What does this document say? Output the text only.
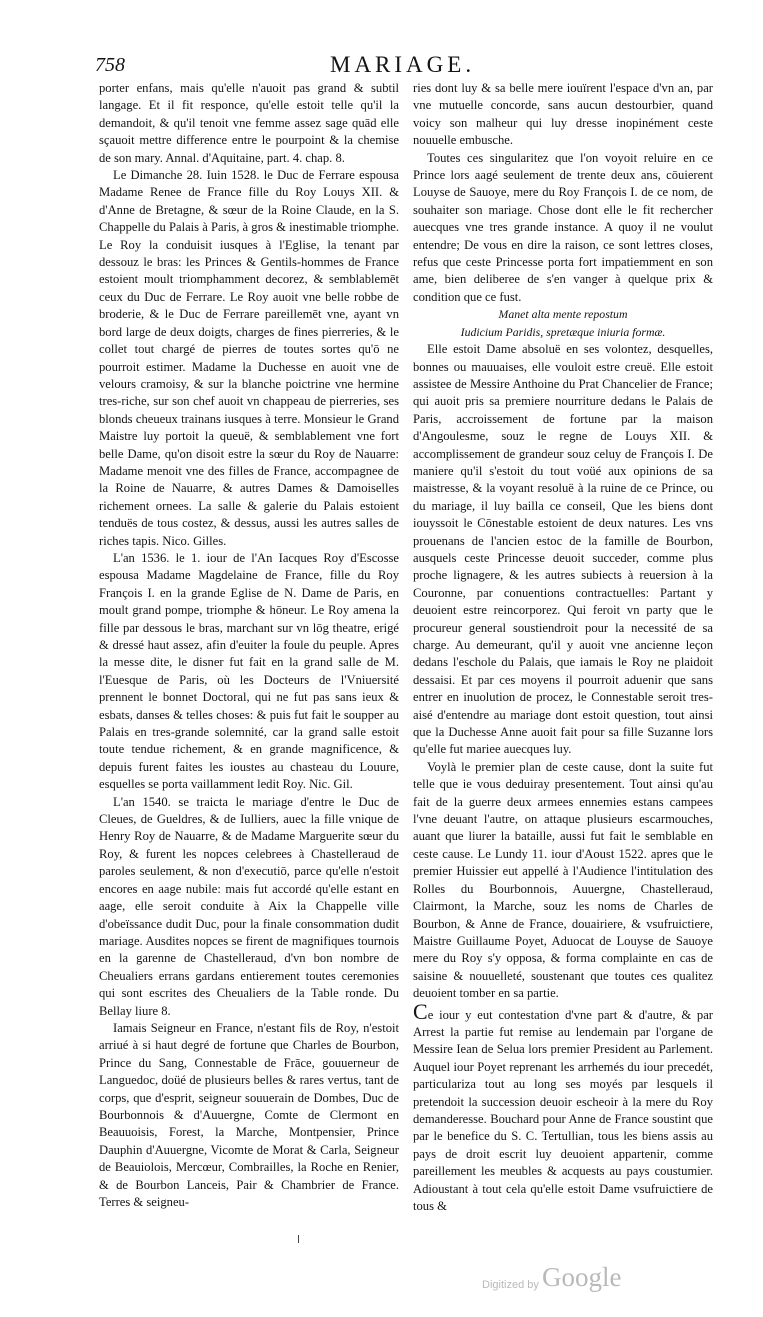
758	MARIAGE.

porter enfans, mais qu'elle n'auoit pas grand & subtil langage. Et il fit responce, qu'elle estoit telle qu'il la demandoit, & qu'il tenoit vne femme assez sage quād elle sçauoit mettre difference entre le pourpoint & la chemise de son mary. Annal. d'Aquitaine, part. 4. chap. 8.

Le Dimanche 28. Iuin 1528. le Duc de Ferrare espousa Madame Renee de France fille du Roy Louys XII. & d'Anne de Bretagne, & sœur de la Roine Claude, en la S. Chappelle du Palais à Paris, à gros & inestimable triomphe. Le Roy la conduisit iusques à l'Eglise, la tenant par dessouz le bras: les Princes & Gentils-hommes de France estoient moult triomphamment decorez, & semblablemēt ceux du Duc de Ferrare. Le Roy auoit vne belle robbe de broderie, & le Duc de Ferrare pareillemēt vne, ayant vn bord large de deux doigts, charges de fines pierreries, & le collet tout chargé de pierres de toutes sortes qu'ō ne pourroit estimer. Madame la Duchesse en auoit vne de velours cramoisy, & sur la blanche poictrine vne hermine tres-riche, sur son chef auoit vn chappeau de pierreries, ses blonds cheueux trainans iusques à terre. Monsieur le Grand Maistre luy portoit la queuë, & semblablement vne fort belle Dame, qu'on disoit estre la sœur du Roy de Nauarre: Madame menoit vne des filles de France, accompagnee de la Roine de Nauarre, & autres Dames & Damoiselles richement ornees. La salle & galerie du Palais estoient tenduës de tous costez, & dessus, aussi les autres salles de riches tapis. Nico. Gilles.

L'an 1536. le 1. iour de l'An Iacques Roy d'Escosse espousa Madame Magdelaine de France, fille du Roy François I. en la grande Eglise de N. Dame de Paris, en moult grand pompe, triomphe & hōneur. Le Roy amena la fille par dessous le bras, marchant sur vn lōg theatre, erigé & dressé haut assez, afin d'euiter la foule du peuple. Apres la messe dite, le disner fut fait en la grand salle de M. l'Euesque de Paris, où les Docteurs de l'Vniuersité prennent le bonnet Doctoral, qui ne fut pas sans ieux & esbats, danses & telles choses: & puis fut fait le soupper au Palais en tres-grande solemnité, car la grand salle estoit toute tendue richement, & en grande magnificence, & depuis furent faites les ioustes au chasteau du Louure, esquelles se porta vaillamment ledit Roy. Nic. Gil.

L'an 1540. se traicta le mariage d'entre le Duc de Cleues, de Gueldres, & de Iulliers, auec la fille vnique de Henry Roy de Nauarre, & de Madame Marguerite sœur du Roy, & furent les nopces celebrees à Chastelleraud de paroles seulement, & non d'executiō, parce qu'elle n'estoit encores en aage nubile: mais fut accordé qu'elle estant en aage, elle seroit conduite à Aix la Chappelle ville d'obeïssance dudit Duc, pour la finale consommation dudit mariage. Ausdites nopces se firent de magnifiques tournois en la garenne de Chastelleraud, d'vn bon nombre de Cheualiers errans gardans entierement toutes ceremonies qui sont escrites des Cheualiers de la Table ronde. Du Bellay liure 8.

Iamais Seigneur en France, n'estant fils de Roy, n'estoit arriué à si haut degré de fortune que Charles de Bourbon, Prince du Sang, Connestable de Frāce, gouuerneur de Languedoc, doüé de plusieurs belles & rares vertus, tant de corps, que d'esprit, seigneur souuerain de Dombes, Duc de Bourbonnois & d'Auuergne, Comte de Clermont en Beauuoisis, Forest, la Marche, Montpensier, Prince Dauphin d'Auuergne, Vicomte de Morat & Carla, Seigneur de Beauiolois, Mercœur, Combrailles, la Roche en Renier, & de Bourbon Lanceis, Pair & Chambrier de France. Terres & seigneu-

ries dont luy & sa belle mere iouïrent l'espace d'vn an, par vne mutuelle concorde, sans aucun destourbier, quand voicy son malheur qui luy dresse inopinément ceste nouuelle embusche.

Toutes ces singularitez que l'on voyoit reluire en ce Prince lors aagé seulement de trente deux ans, cōuierent Louyse de Sauoye, mere du Roy François I. de ce nom, de souhaiter son mariage. Chose dont elle le fit rechercher auecques vne tres grande instance. A quoy il ne voulut entendre; De vous en dire la raison, ce sont lettres closes, refus que ceste Princesse porta fort impatiemment en son ame, bien deliberee de s'en vanger à quelque prix & condition que ce fust.

Manet alta mente repostum

Iudicium Paridis, spretæque iniuria formæ.

Elle estoit Dame absoluë en ses volontez, desquelles, bonnes ou mauuaises, elle vouloit estre creuë. Elle estoit assistee de Messire Anthoine du Prat Chancelier de France; qui auoit pris sa premiere nourriture dedans le Palais de Paris, accroissement de fortune par la maison d'Angoulesme, souz le regne de Louys XII. & accomplissement de grandeur souz celuy de François I. De maniere qu'il s'estoit du tout voüé aux opinions de sa maistresse, & la voyant resoluë à la ruine de ce Prince, ou du mariage, il luy bailla ce conseil, Que les biens dont iouyssoit le Cōnestable estoient de deux natures. Les vns prouenans de l'ancien estoc de la famille de Bourbon, ausquels ceste Princesse deuoit succeder, comme plus proche lignagere, & les autres subiects à reuersion à la Couronne, par conuentions contractuelles: Partant y deuoient estre reincorporez. Qui feroit vn party que le procureur general soustiendroit pour la necessité de sa charge. Au demeurant, qu'il y auoit vne ancienne leçon dedans l'eschole du Palais, que iamais le Roy ne plaidoit dessaisi. Et par ces moyens il pourroit aduenir que sans entrer en inuolution de procez, le Connestable seroit tres-aisé d'entendre au mariage dont estoit question, tout ainsi que la Duchesse Anne auoit fait pour sa fille Suzanne lors qu'elle fut mariee auecques luy.

Voylà le premier plan de ceste cause, dont la suite fut telle que ie vous deduiray presentement. Tout ainsi qu'au fait de la guerre deux armees ennemies estans campees l'vne deuant l'autre, on attaque plusieurs escarmouches, auant que liurer la bataille, aussi fut fait le semblable en ceste cause. Le Lundy 11. iour d'Aoust 1522. apres que le premier Huissier eut appellé à l'Audience l'intitulation des Rolles du Bourbonnois, Auuergne, Chastelleraud, Clairmont, la Marche, souz les noms de Charles de Bourbon, & Anne de France, douairiere, & vsufruictiere, Maistre Guillaume Poyet, Aduocat de Louyse de Sauoye mere du Roy s'y opposa, & forma complainte en cas de saisine & nouuelleté, soustenant que toutes ces qualitez deuoient tomber en sa partie.

Ce iour y eut contestation d'vne part & d'autre, & par Arrest la partie fut remise au lendemain par l'organe de Messire Iean de Selua lors premier President au Parlement. Auquel iour Poyet reprenant les arrhemés du iour precedét, particulariza tout au long ses moyés par lesquels il pretendoit la succession deuoir escheoir à la mere du Roy demanderesse. Bouchard pour Anne de France soustint que par le benefice du S. C. Tertullian, tous les biens assis au pays de droit escrit luy deuoient appartenir, comme pareillement les meubles & acquests au pays coustumier. Adioustant à tout cela qu'elle estoit Dame vsufruictiere de tous &

Digitized by Google
